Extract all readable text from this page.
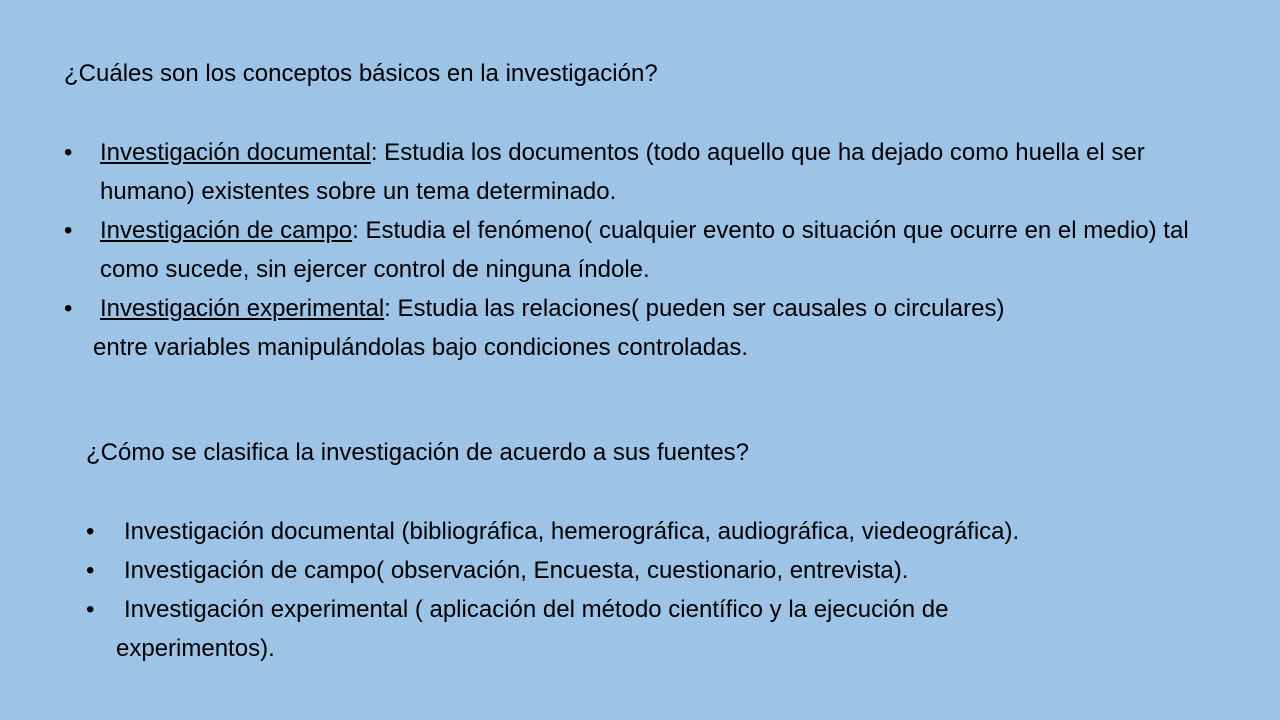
¿Cuáles son los conceptos básicos en la investigación?

•	Investigación documental: Estudia los documentos (todo aquello que ha dejado como huella el ser humano) existentes sobre un tema determinado.
•	Investigación de campo: Estudia el fenómeno( cualquier evento o situación que ocurre en el medio) tal como sucede, sin ejercer control de ninguna índole.
•	Investigación experimental: Estudia las relaciones( pueden ser causales o circulares)
entre variables manipulándolas bajo condiciones controladas.

¿Cómo se clasifica la investigación de acuerdo a sus fuentes?

•	Investigación documental (bibliográfica, hemerográfica, audiográfica, viedeográfica).
•	Investigación de campo( observación, Encuesta, cuestionario, entrevista).
•	Investigación experimental ( aplicación del método científico y la ejecución de
experimentos).
